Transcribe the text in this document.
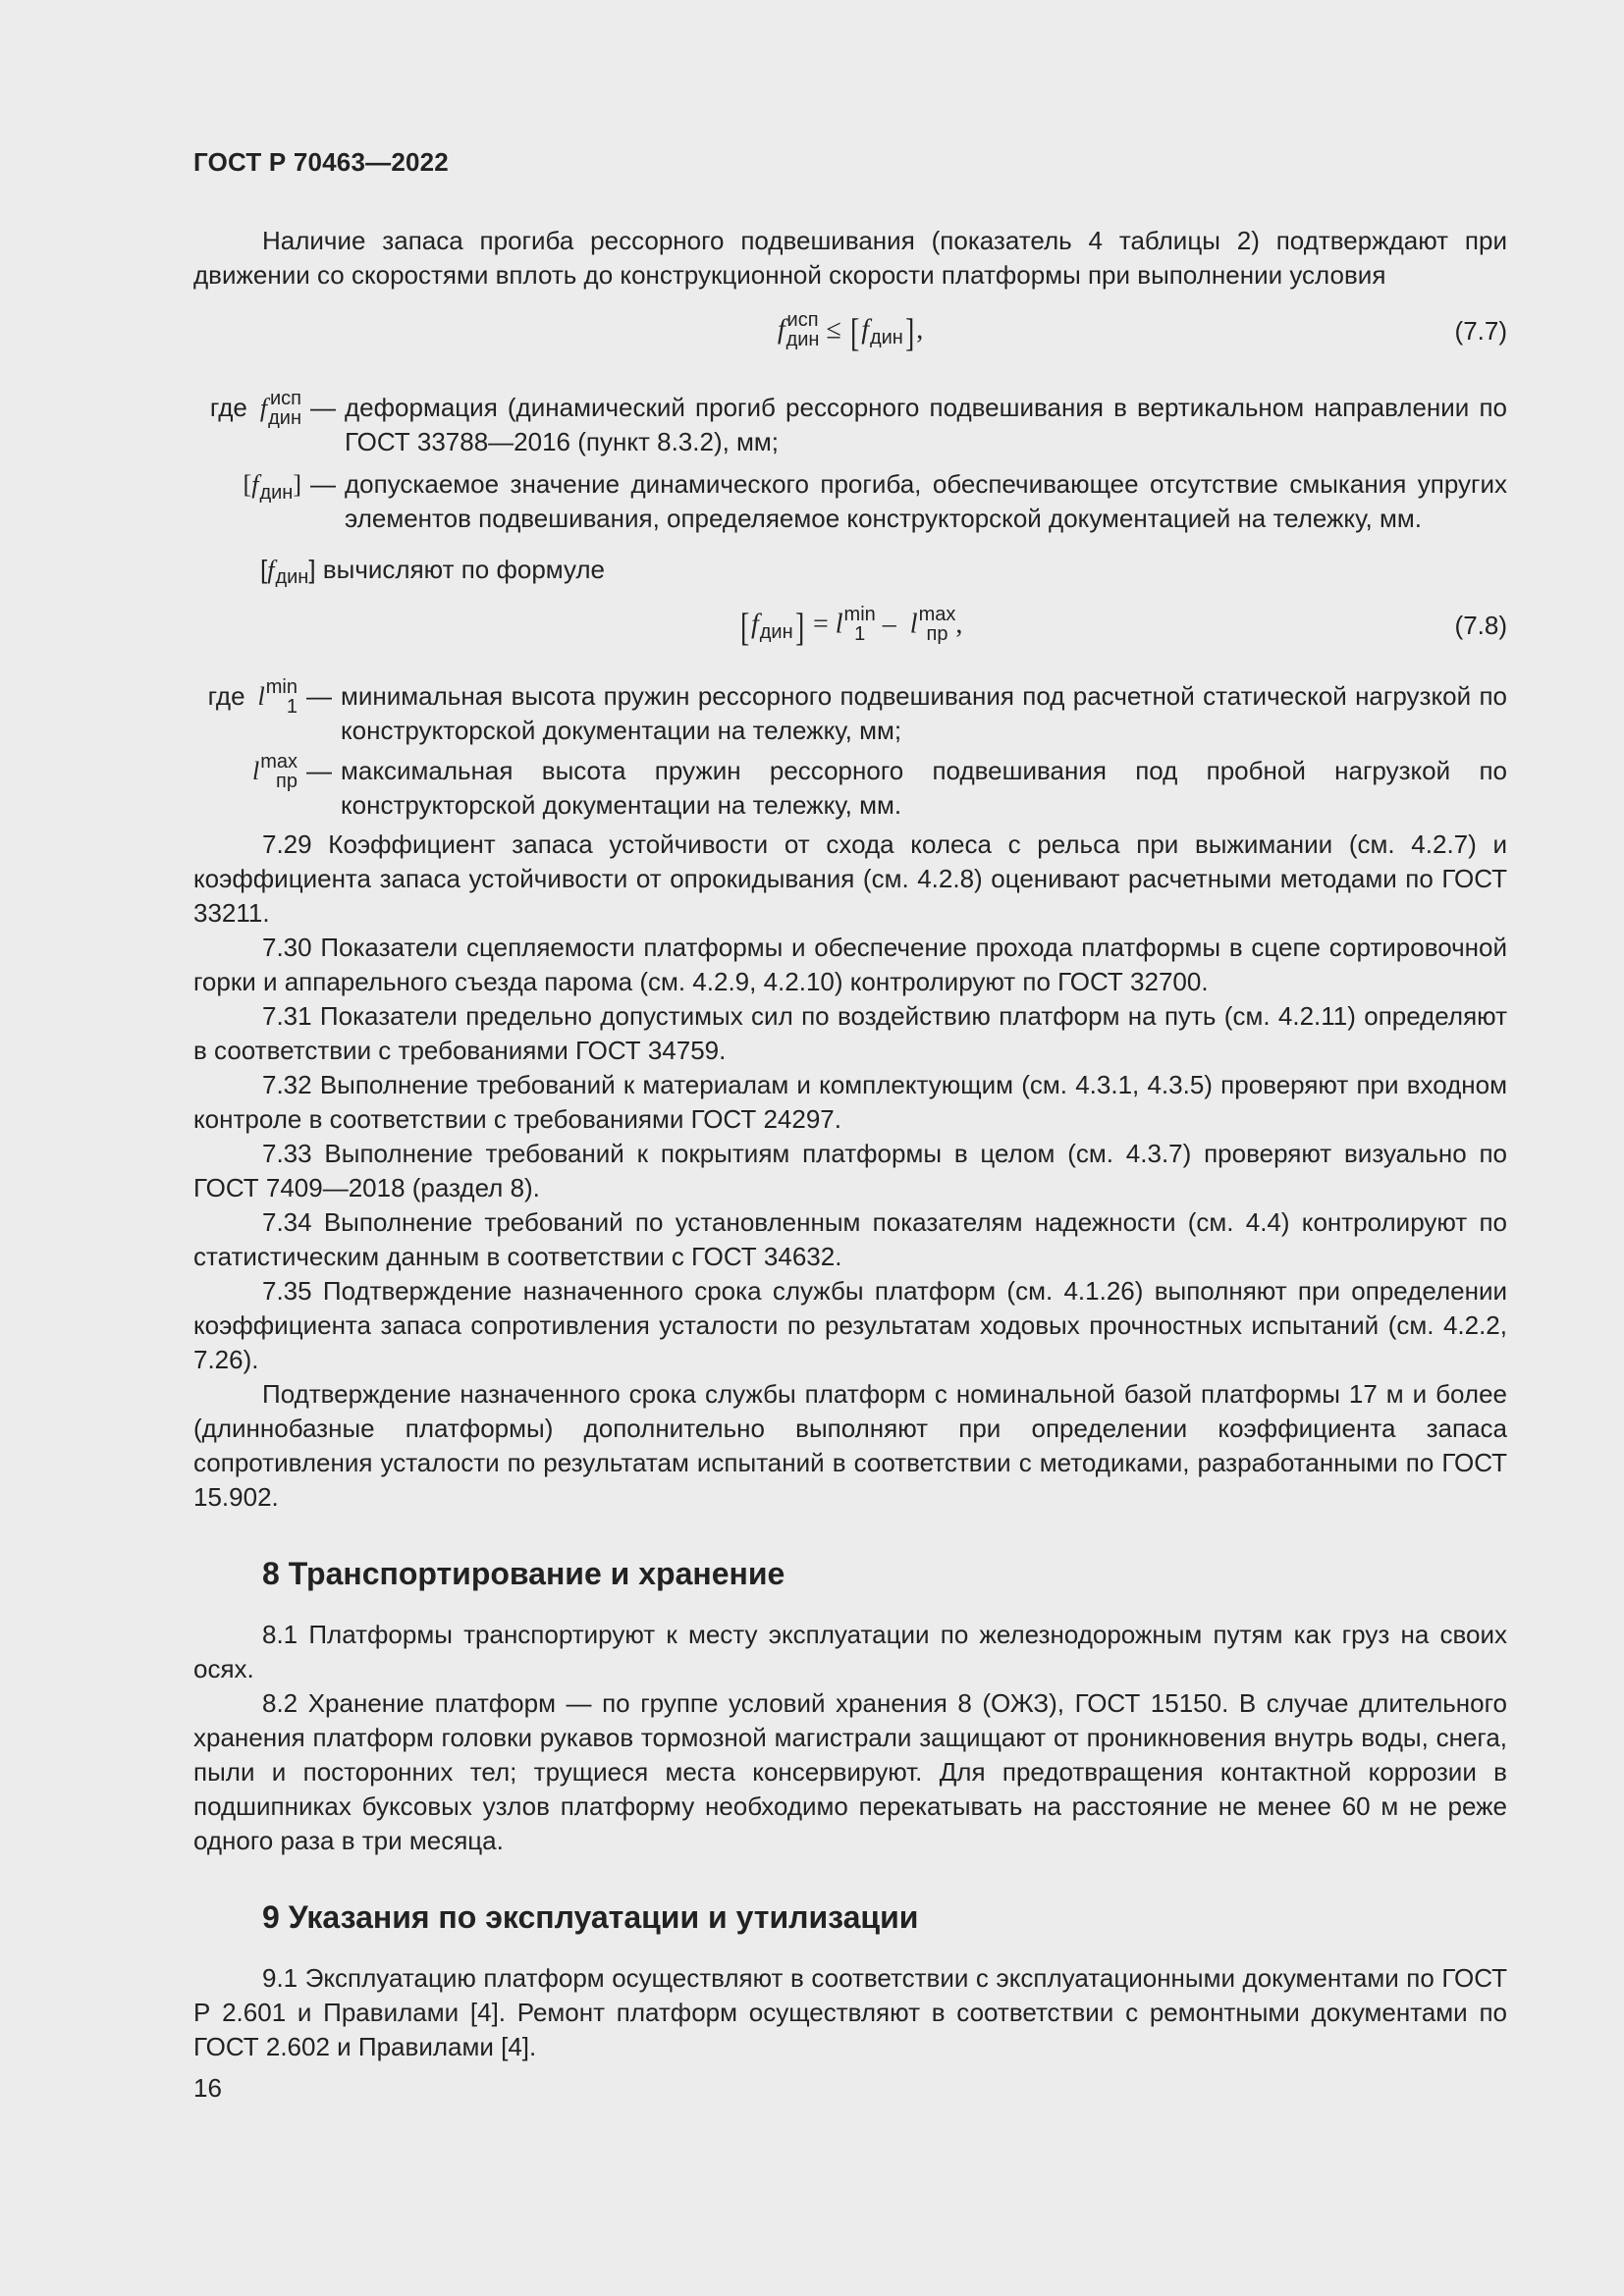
ГОСТ Р 70463—2022

Наличие запаса прогиба рессорного подвешивания (показатель 4 таблицы 2) подтверждают при движении со скоростями вплоть до конструкционной скорости платформы при выполнении условия

f исп
дин ≤ [f дин ],	(7.7)
где f исп
дин — деформация (динамический прогиб рессорного подвешивания в вертикальном направлении по ГОСТ 33788—2016 (пункт 8.3.2), мм;
[f дин ] — допускаемое значение динамического прогиба, обеспечивающее отсутствие смыкания упругих элементов подвешивания, определяемое конструкторской документацией на тележку, мм.
[f дин ] вычисляют по формуле
[f дин ] = l min
1 – l max
пр ,	(7.8)
где l min
1 — минимальная высота пружин рессорного подвешивания под расчетной статической нагрузкой по конструкторской документации на тележку, мм;
l max
пр — максимальная высота пружин рессорного подвешивания под пробной нагрузкой по конструкторской документации на тележку, мм.

7.29 Коэффициент запаса устойчивости от схода колеса с рельса при выжимании (см. 4.2.7) и коэффициента запаса устойчивости от опрокидывания (см. 4.2.8) оценивают расчетными методами по ГОСТ 33211.

7.30 Показатели сцепляемости платформы и обеспечение прохода платформы в сцепе сортировочной горки и аппарельного съезда парома (см. 4.2.9, 4.2.10) контролируют по ГОСТ 32700.

7.31 Показатели предельно допустимых сил по воздействию платформ на путь (см. 4.2.11) определяют в соответствии с требованиями ГОСТ 34759.

7.32 Выполнение требований к материалам и комплектующим (см. 4.3.1, 4.3.5) проверяют при входном контроле в соответствии с требованиями ГОСТ 24297.

7.33 Выполнение требований к покрытиям платформы в целом (см. 4.3.7) проверяют визуально по ГОСТ 7409—2018 (раздел 8).

7.34 Выполнение требований по установленным показателям надежности (см. 4.4) контролируют по статистическим данным в соответствии с ГОСТ 34632.

7.35 Подтверждение назначенного срока службы платформ (см. 4.1.26) выполняют при определении коэффициента запаса сопротивления усталости по результатам ходовых прочностных испытаний (см. 4.2.2, 7.26).

Подтверждение назначенного срока службы платформ с номинальной базой платформы 17 м и более (длиннобазные платформы) дополнительно выполняют при определении коэффициента запаса сопротивления усталости по результатам испытаний в соответствии с методиками, разработанными по ГОСТ 15.902.

8 Транспортирование и хранение

8.1 Платформы транспортируют к месту эксплуатации по железнодорожным путям как груз на своих осях.

8.2 Хранение платформ — по группе условий хранения 8 (ОЖЗ), ГОСТ 15150. В случае длительного хранения платформ головки рукавов тормозной магистрали защищают от проникновения внутрь воды, снега, пыли и посторонних тел; трущиеся места консервируют. Для предотвращения контактной коррозии в подшипниках буксовых узлов платформу необходимо перекатывать на расстояние не менее 60 м не реже одного раза в три месяца.

9 Указания по эксплуатации и утилизации

9.1 Эксплуатацию платформ осуществляют в соответствии с эксплуатационными документами по ГОСТ Р 2.601 и Правилами [4]. Ремонт платформ осуществляют в соответствии с ремонтными документами по ГОСТ 2.602 и Правилами [4].

16
